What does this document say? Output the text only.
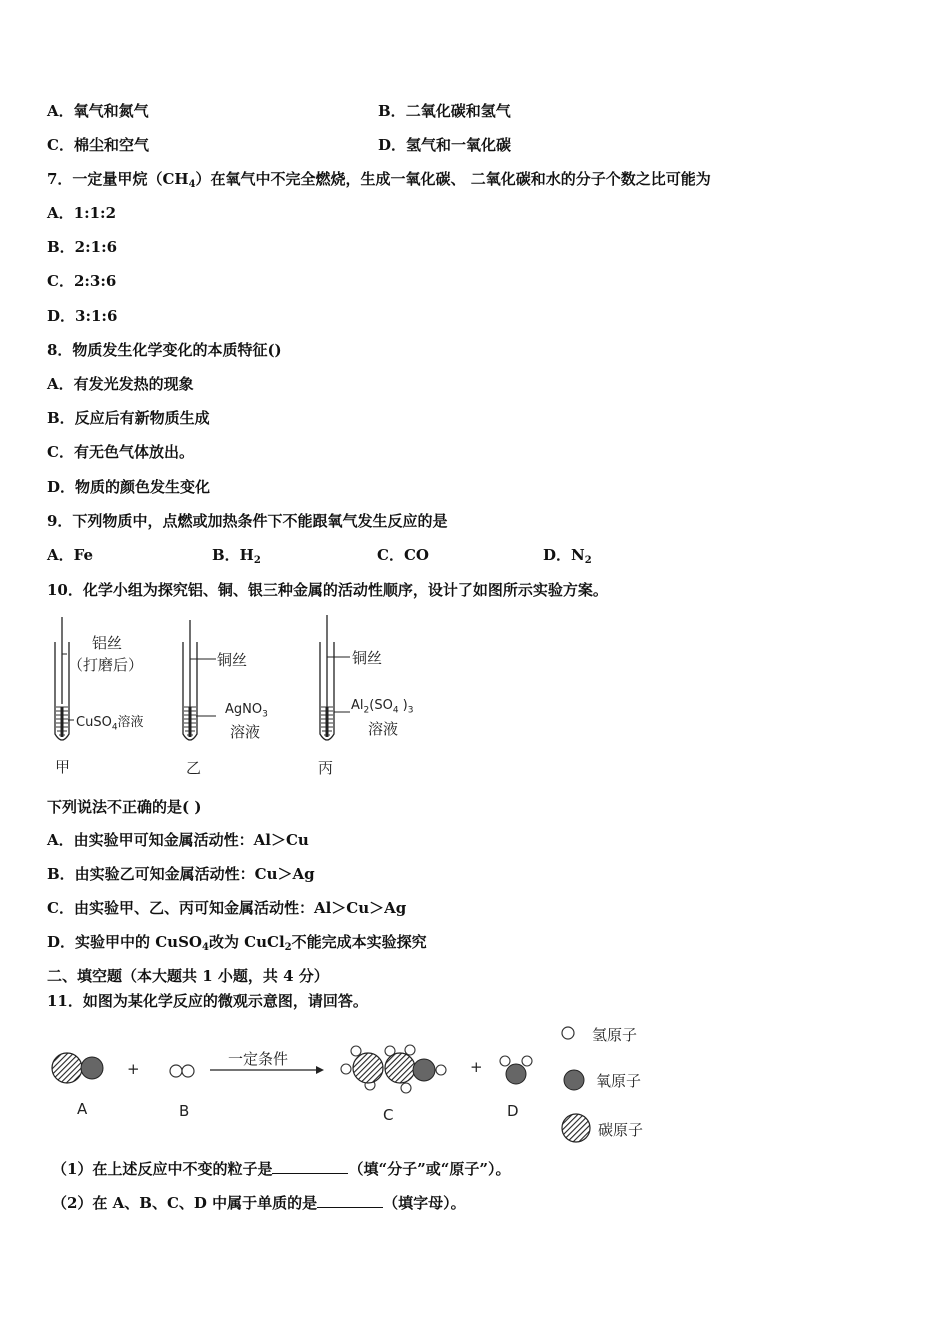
A．氧气和氮气	B．二氧化碳和氢气
C．棉尘和空气	D．氢气和一氧化碳
7．一定量甲烷$(CH_4)$在氧气中不完全燃烧，生成一氧化碳、 二氧化碳和水的分子个数之比可能为
A．1:1:2
B．2:1:6
C．2:3:6
D．3:1:6
8．物质发生化学变化的本质特征()
A．有发光发热的现象
B．反应后有新物质生成
C．有无色气体放出。
D．物质的颜色发生变化
9．下列物质中，点燃或加热条件下不能跟氧气发生反应的是
A．Fe	B．$H_2$	C．CO	D．$N_2$
10．化学小组为探究铝、铜、银三种金属的活动性顺序，设计了如图所示实验方案。
铝丝
（打磨后）
CuSO$_4$溶液
甲
铜丝
AgNO$_3$
溶液
乙
铜丝
$Al_2(SO_4$ )$_3$
溶液
丙
下列说法不正确的是( )
A．由实验甲可知金属活动性：Al＞Cu
B．由实验乙可知金属活动性：Cu＞Ag
C．由实验甲、乙、丙可知金属活动性：Al＞Cu＞Ag
D．实验甲中的 CuSO$_4$改为 CuCl$_2$不能完成本实验探究
二、填空题（本大题共 1 小题，共 4 分）
11．如图为某化学反应的微观示意图，请回答。
+	+
一定条件
A	B	C	D
氢原子
氧原子
碳原子
（1）在上述反应中不变的粒子是	（填“分子”或“原子”）。
（2）在 A、B、C、D 中属于单质的是	（填字母）。
